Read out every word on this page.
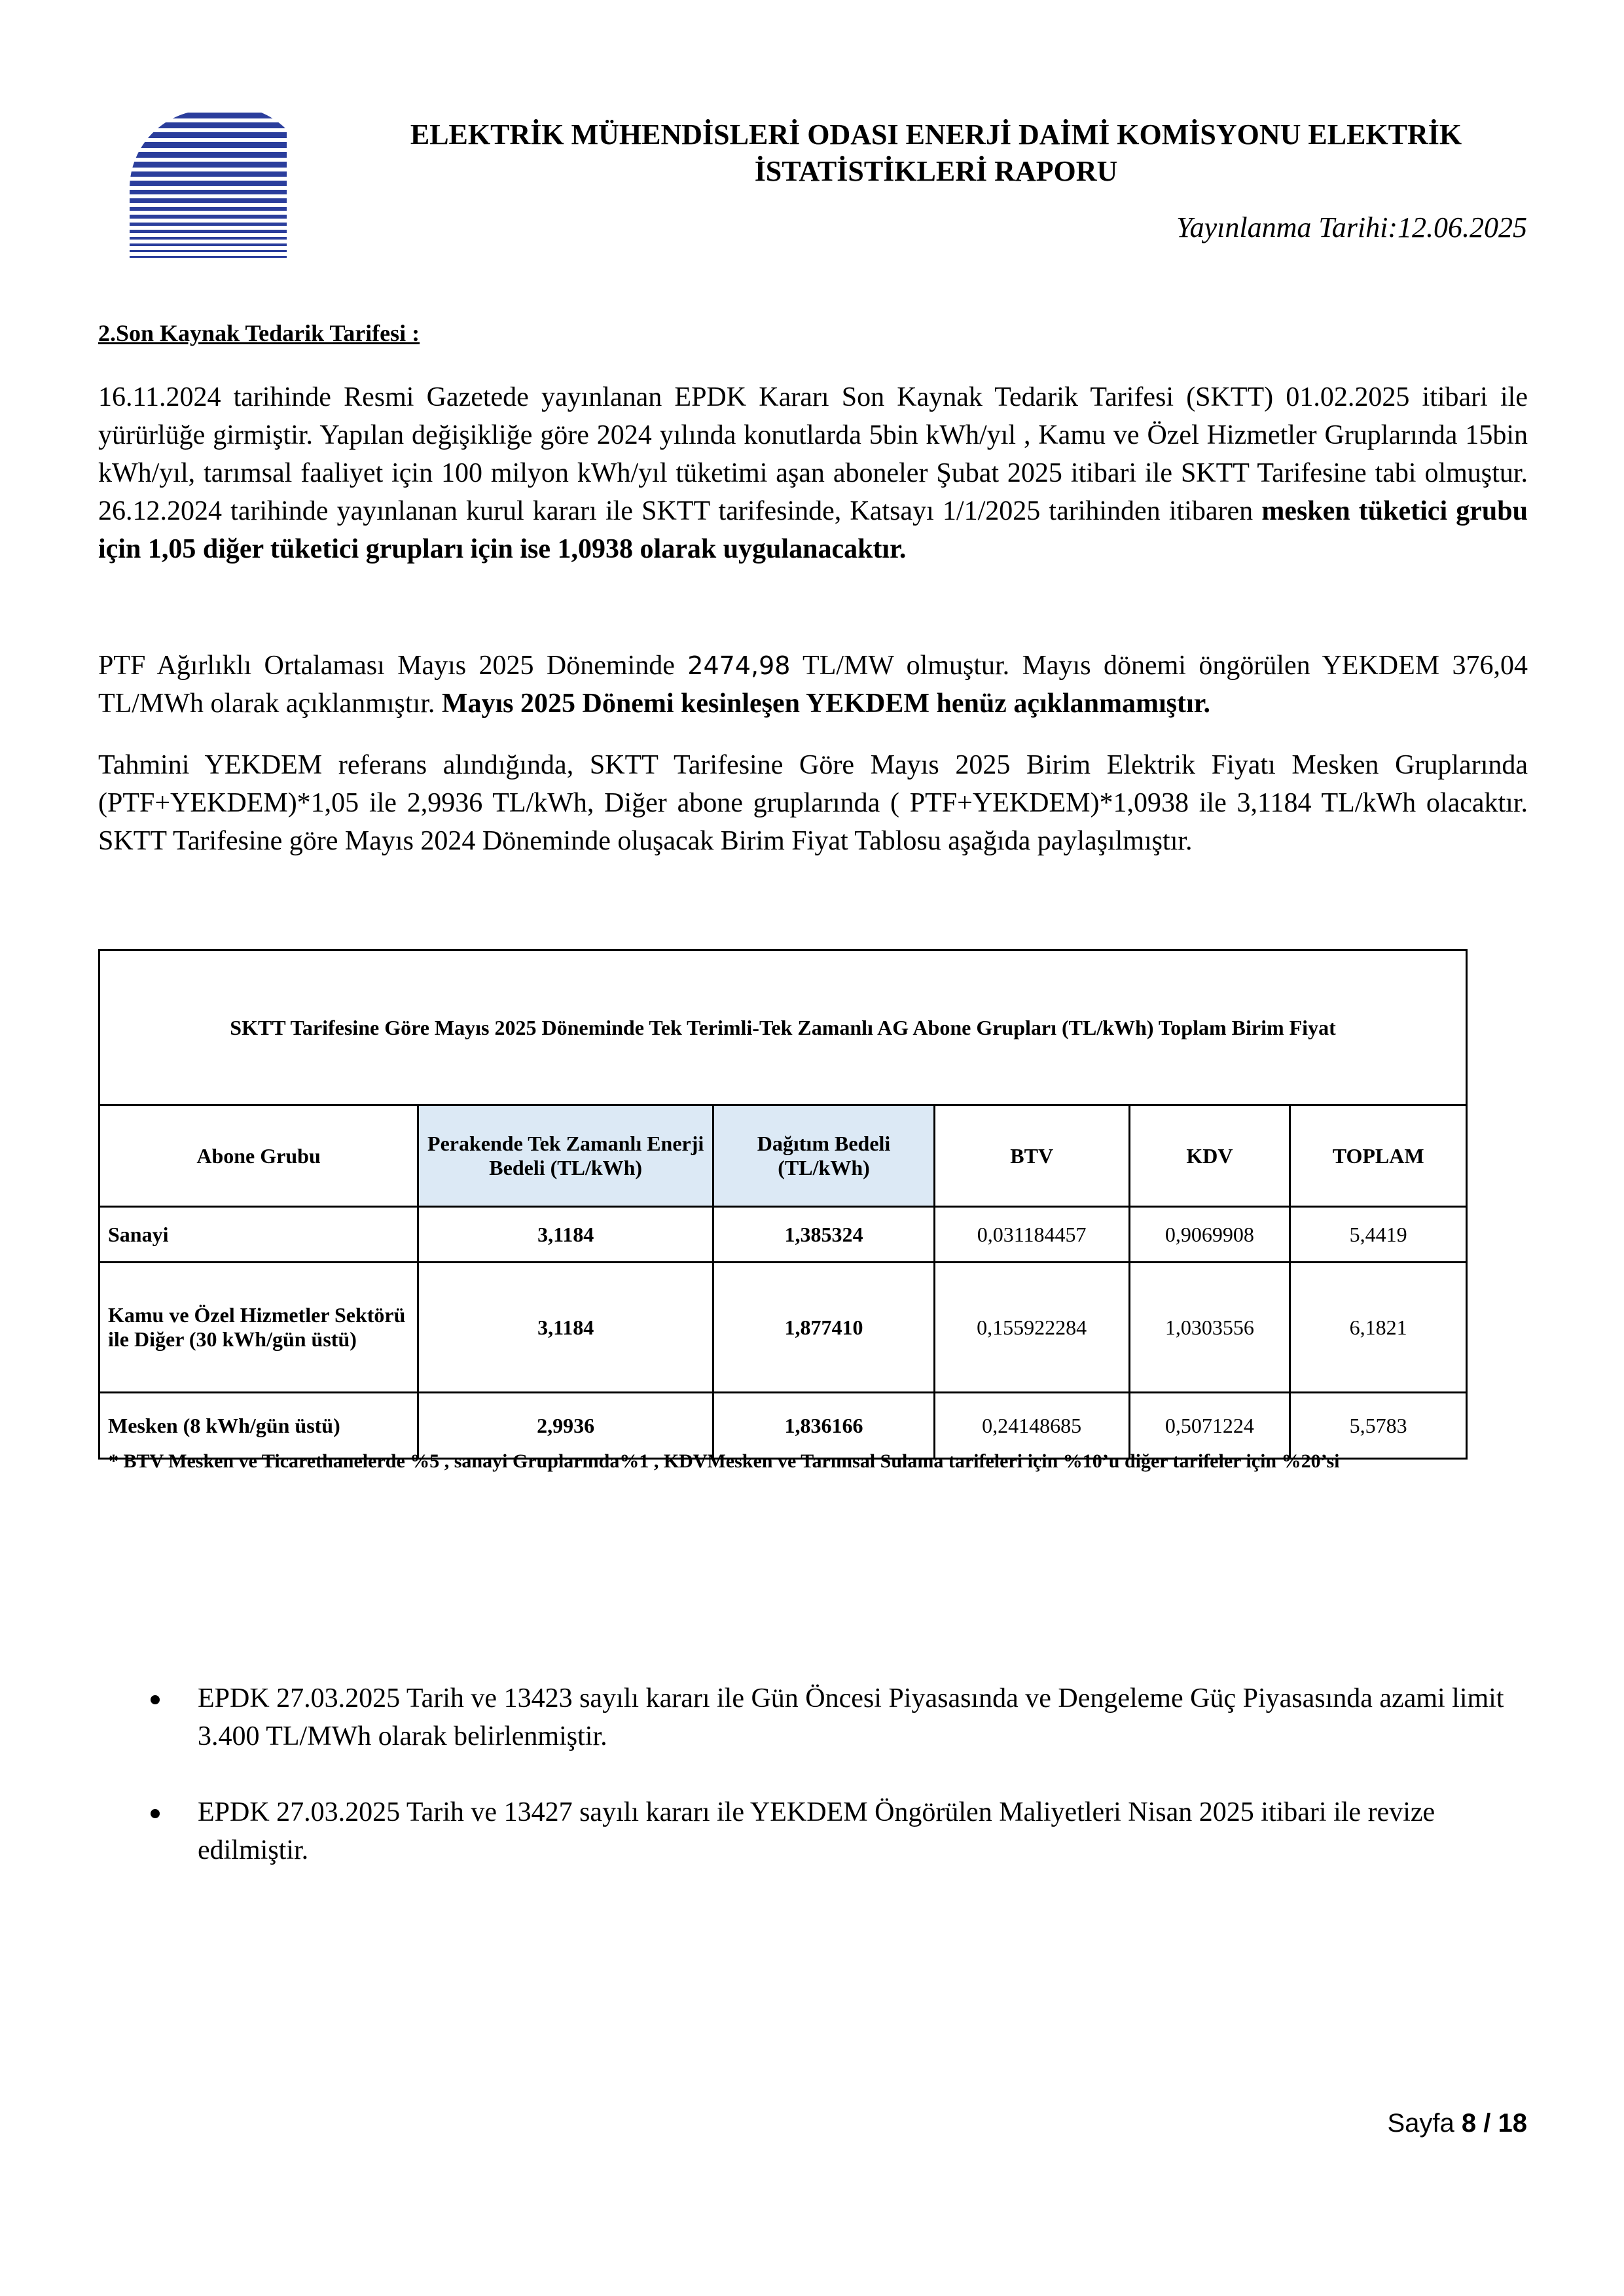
ELEKTRİK MÜHENDİSLERİ ODASI ENERJİ DAİMİ KOMİSYONU ELEKTRİK
İSTATİSTİKLERİ RAPORU
Yayınlanma Tarihi:12.06.2025
2.Son Kaynak Tedarik Tarifesi :
16.11.2024 tarihinde Resmi Gazetede yayınlanan EPDK Kararı Son Kaynak Tedarik Tarifesi (SKTT) 01.02.2025 itibari ile yürürlüğe girmiştir. Yapılan değişikliğe göre 2024 yılında konutlarda 5bin kWh/yıl , Kamu ve Özel Hizmetler Gruplarında 15bin kWh/yıl, tarımsal faaliyet için 100 milyon kWh/yıl tüketimi aşan aboneler Şubat 2025 itibari ile SKTT Tarifesine tabi olmuştur. 26.12.2024 tarihinde yayınlanan kurul kararı ile SKTT tarifesinde, Katsayı 1/1/2025 tarihinden itibaren mesken tüketici grubu için 1,05 diğer tüketici grupları için ise 1,0938 olarak uygulanacaktır.
PTF Ağırlıklı Ortalaması Mayıs 2025 Döneminde 2474,98 TL/MW olmuştur. Mayıs dönemi öngörülen YEKDEM 376,04 TL/MWh olarak açıklanmıştır. Mayıs 2025 Dönemi kesinleşen YEKDEM henüz açıklanmamıştır.
Tahmini YEKDEM referans alındığında, SKTT Tarifesine Göre Mayıs 2025 Birim Elektrik Fiyatı Mesken Gruplarında (PTF+YEKDEM)*1,05 ile 2,9936 TL/kWh, Diğer abone gruplarında ( PTF+YEKDEM)*1,0938 ile 3,1184 TL/kWh olacaktır. SKTT Tarifesine göre Mayıs 2024 Döneminde oluşacak Birim Fiyat Tablosu aşağıda paylaşılmıştır.
SKTT Tarifesine Göre Mayıs 2025 Döneminde Tek Terimli-Tek Zamanlı AG Abone Grupları (TL/kWh) Toplam Birim Fiyat					
Abone Grubu	Perakende Tek Zamanlı Enerji Bedeli (TL/kWh)	Dağıtım Bedeli (TL/kWh)	BTV	KDV	TOPLAM
Sanayi	3,1184	1,385324	0,031184457	0,9069908	5,4419
Kamu ve Özel Hizmetler Sektörü ile Diğer (30 kWh/gün üstü)	3,1184	1,877410	0,155922284	1,0303556	6,1821
Mesken (8 kWh/gün üstü)	2,9936	1,836166	0,24148685	0,5071224	5,5783
* BTV Mesken ve Ticarethanelerde %5 , sanayi Gruplarında%1 , KDVMesken ve Tarımsal Sulama tarifeleri için %10’u diğer tarifeler için %20’si
EPDK 27.03.2025 Tarih ve 13423 sayılı kararı ile Gün Öncesi Piyasasında ve Dengeleme Güç Piyasasında azami limit 3.400 TL/MWh olarak belirlenmiştir.
EPDK 27.03.2025 Tarih ve 13427 sayılı kararı ile YEKDEM Öngörülen Maliyetleri Nisan 2025 itibari ile revize edilmiştir.
Sayfa 8 / 18
